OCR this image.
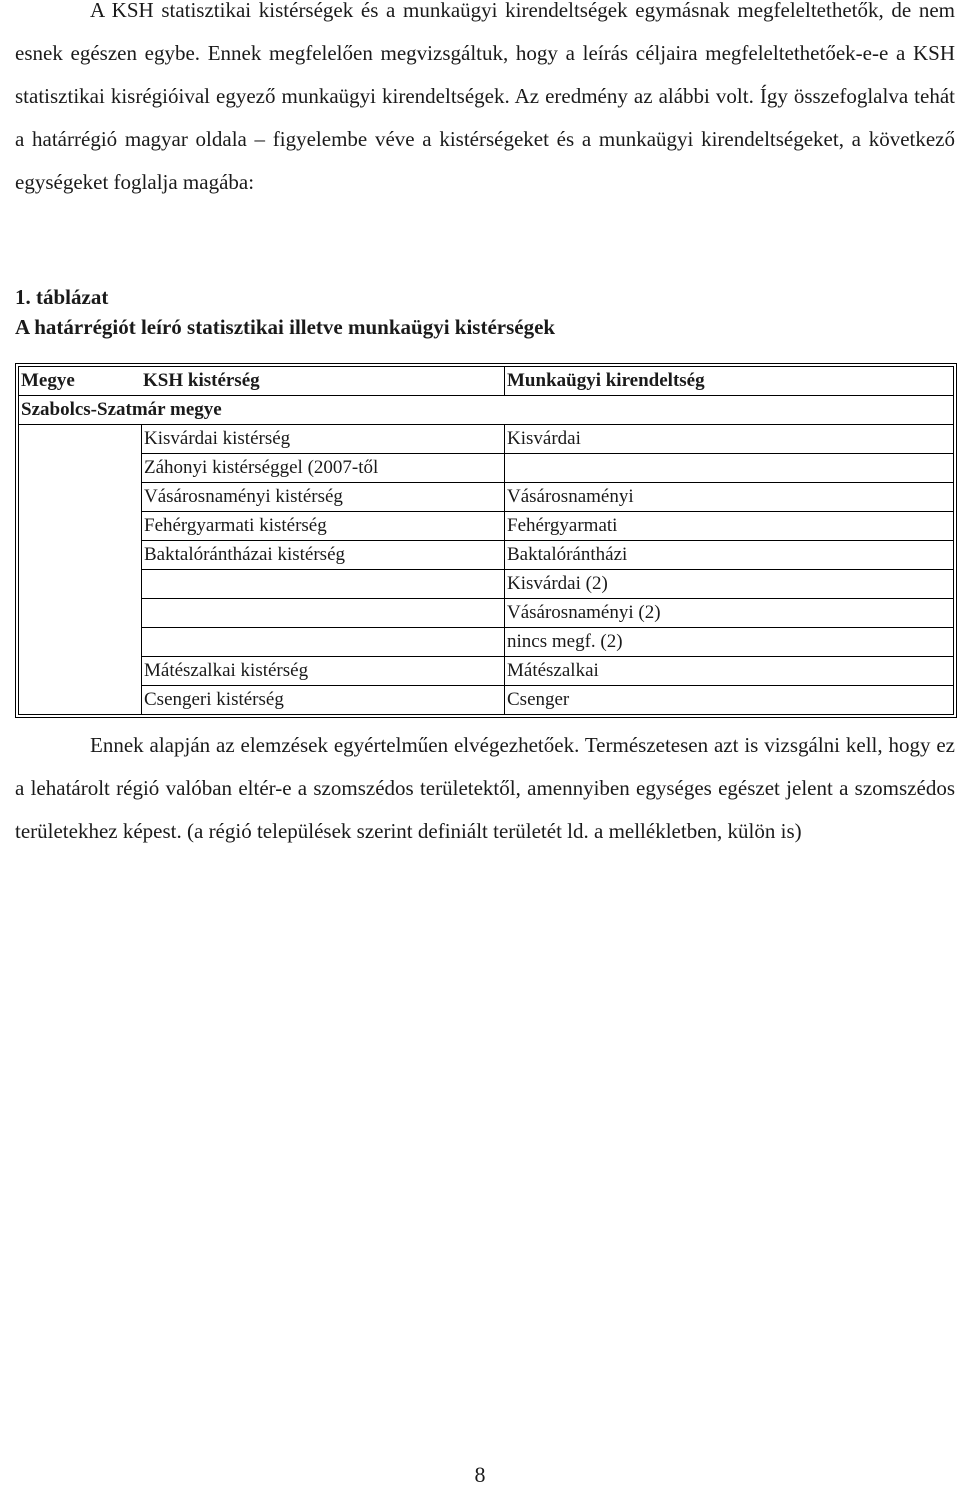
A KSH statisztikai kistérségek és a munkaügyi kirendeltségek egymásnak megfeleltethetők, de nem esnek egészen egybe. Ennek megfelelően megvizsgáltuk, hogy a leírás céljaira megfeleltethetőek-e-e a KSH statisztikai kisrégióival egyező munkaügyi kirendeltségek. Az eredmény az alábbi volt. Így összefoglalva tehát a határrégió magyar oldala – figyelembe véve a kistérségeket és a munkaügyi kirendeltségeket, a következő egységeket foglalja magába:

1. táblázat
A határrégiót leíró statisztikai illetve munkaügyi kistérségek
Megye	KSH kistérség	Munkaügyi kirendeltség
Szabolcs-Szatmár megye		
	Kisvárdai kistérség	Kisvárdai
	Záhonyi kistérséggel (2007-től	
	Vásárosnaményi kistérség	Vásárosnaményi
	Fehérgyarmati kistérség	Fehérgyarmati
	Baktalórántházai kistérség	Baktalórántházi
		Kisvárdai (2)
		Vásárosnaményi (2)
		nincs megf. (2)
	Mátészalkai kistérség	Mátészalkai
	Csengeri kistérség	Csenger

Ennek alapján az elemzések egyértelműen elvégezhetőek. Természetesen azt is vizsgálni kell, hogy ez a lehatárolt régió valóban eltér-e a szomszédos területektől, amennyiben egységes egészet jelent a szomszédos területekhez képest. (a régió települések szerint definiált területét ld. a mellékletben, külön is)

8
